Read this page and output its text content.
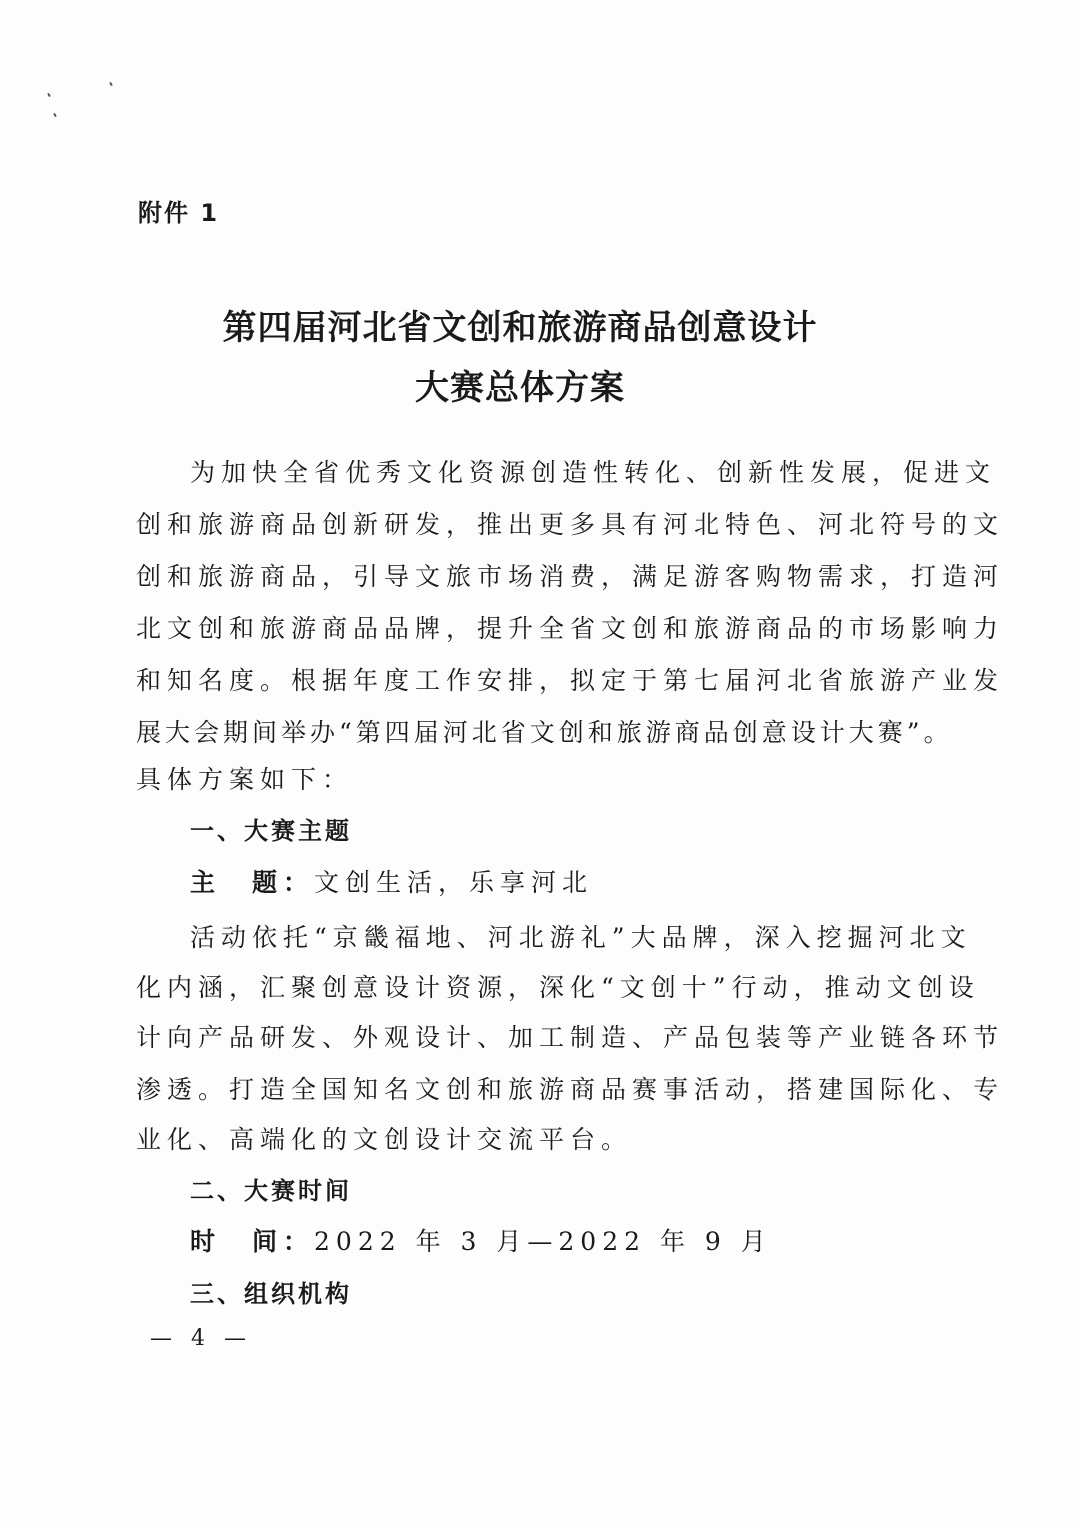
附件 1
第四届河北省文创和旅游商品创意设计
大赛总体方案
为加快全省优秀文化资源创造性转化、创新性发展，促进文
创和旅游商品创新研发，推出更多具有河北特色、河北符号的文
创和旅游商品，引导文旅市场消费，满足游客购物需求，打造河
北文创和旅游商品品牌，提升全省文创和旅游商品的市场影响力
和知名度。根据年度工作安排，拟定于第七届河北省旅游产业发
展大会期间举办“第四届河北省文创和旅游商品创意设计大赛”。
具体方案如下：
一、大赛主题
主　题：文创生活，乐享河北
活动依托“京畿福地、河北游礼”大品牌，深入挖掘河北文
化内涵，汇聚创意设计资源，深化“文创十”行动，推动文创设
计向产品研发、外观设计、加工制造、产品包装等产业链各环节
渗透。打造全国知名文创和旅游商品赛事活动，搭建国际化、专
业化、高端化的文创设计交流平台。
二、大赛时间
时　间：2022 年 3 月—2022 年 9 月
三、组织机构
— 4 —
